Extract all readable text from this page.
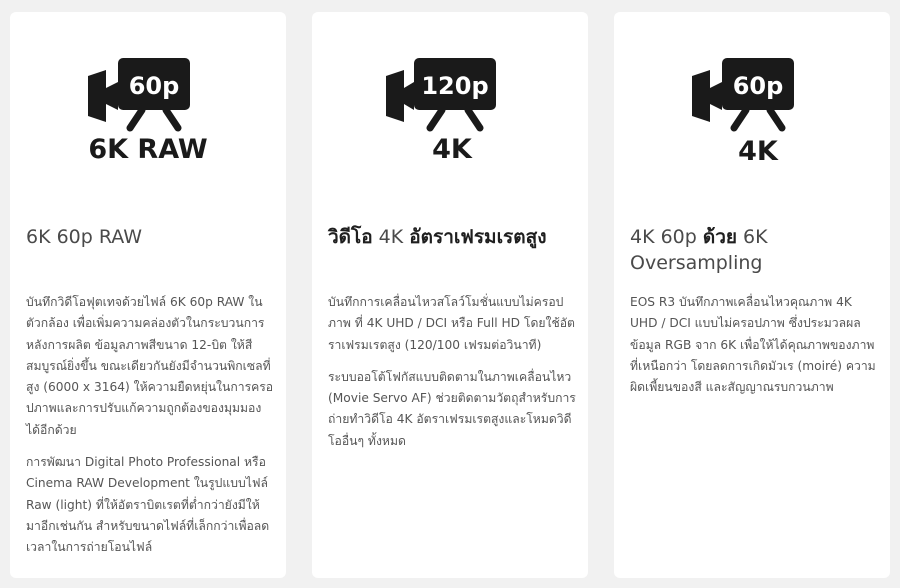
60p
6K RAW
6K 60p RAW

บันทึกวิดีโอฟุตเทจด้วยไฟล์ 6K 60p RAW ในตัวกล้อง เพื่อเพิ่มความคล่องตัวในกระบวนการหลังการผลิต ข้อมูลภาพสีขนาด 12-บิต ให้สีสมบูรณ์ยิ่งขึ้น ขณะเดียวกันยังมีจำนวนพิกเซลที่สูง (6000 x 3164) ให้ความยืดหยุ่นในการครอปภาพและการปรับแก้ความถูกต้องของมุมมองได้อีกด้วย

การพัฒนา Digital Photo Professional หรือ Cinema RAW Development ในรูปแบบไฟล์ Raw (light) ที่ให้อัตราบิตเรตที่ต่ำกว่ายังมีให้มาอีกเช่นกัน สำหรับขนาดไฟล์ที่เล็กกว่าเพื่อลดเวลาในการถ่ายโอนไฟล์

120p
4K
วิดีโอ 4K อัตราเฟรมเรตสูง

บันทึกการเคลื่อนไหวสโลว์โมชั่นแบบไม่ครอปภาพ ที่ 4K UHD / DCI หรือ Full HD โดยใช้อัตราเฟรมเรตสูง (120/100 เฟรมต่อวินาที)

ระบบออโต้โฟกัสแบบติดตามในภาพเคลื่อนไหว (Movie Servo AF) ช่วยติดตามวัตถุสำหรับการถ่ายทำวิดีโอ 4K อัตราเฟรมเรตสูงและโหมดวิดีโออื่นๆ ทั้งหมด

60p
4K
4K 60p ด้วย 6K Oversampling

EOS R3 บันทึกภาพเคลื่อนไหวคุณภาพ 4K UHD / DCI แบบไม่ครอปภาพ ซึ่งประมวลผลข้อมูล RGB จาก 6K เพื่อให้ได้คุณภาพของภาพที่เหนือกว่า โดยลดการเกิดมัวเร (moiré) ความผิดเพี้ยนของสี และสัญญาณรบกวนภาพ
